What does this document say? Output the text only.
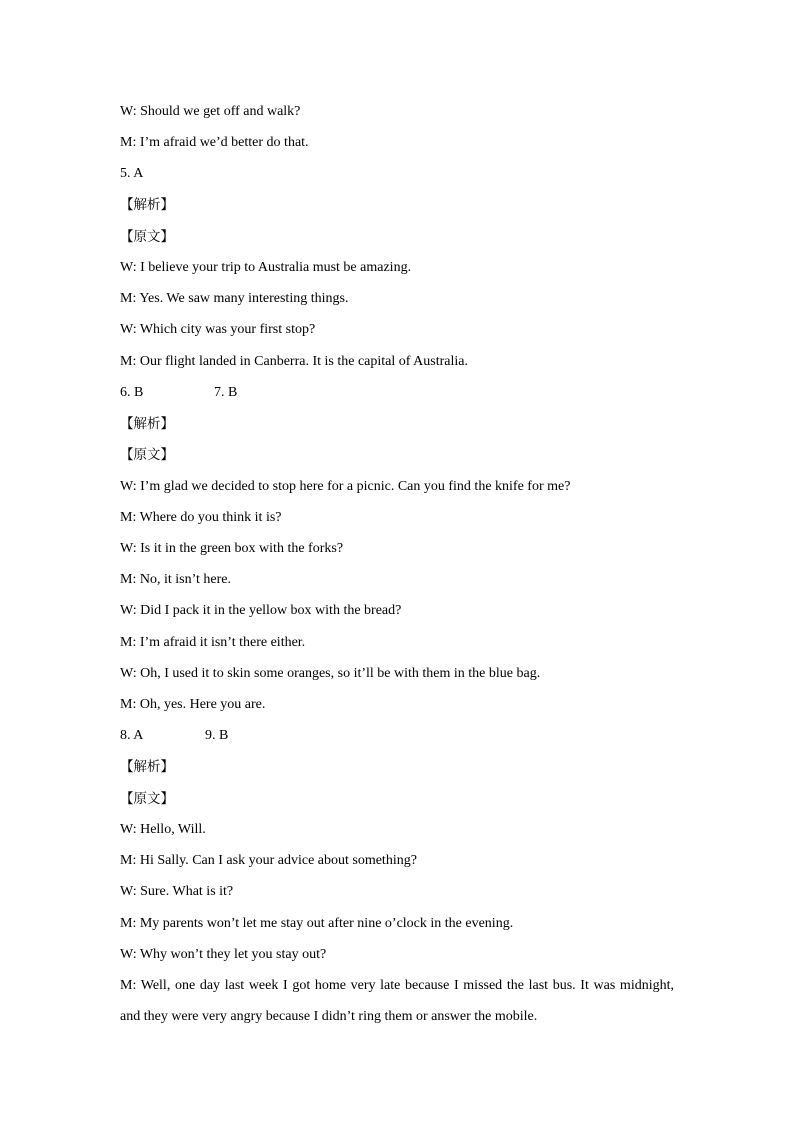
W: Should we get off and walk?
M: I’m afraid we’d better do that.
5. A
【解析】
【原文】
W: I believe your trip to Australia must be amazing.
M: Yes. We saw many interesting things.
W: Which city was your first stop?
M: Our flight landed in Canberra. It is the capital of Australia.
6. B	7. B
【解析】
【原文】
W: I’m glad we decided to stop here for a picnic. Can you find the knife for me?
M: Where do you think it is?
W: Is it in the green box with the forks?
M: No, it isn’t here.
W: Did I pack it in the yellow box with the bread?
M: I’m afraid it isn’t there either.
W: Oh, I used it to skin some oranges, so it’ll be with them in the blue bag.
M: Oh, yes. Here you are.
8. A	9. B
【解析】
【原文】
W: Hello, Will.
M: Hi Sally. Can I ask your advice about something?
W: Sure. What is it?
M: My parents won’t let me stay out after nine o’clock in the evening.
W: Why won’t they let you stay out?
M: Well, one day last week I got home very late because I missed the last bus. It was midnight,
and they were very angry because I didn’t ring them or answer the mobile.
